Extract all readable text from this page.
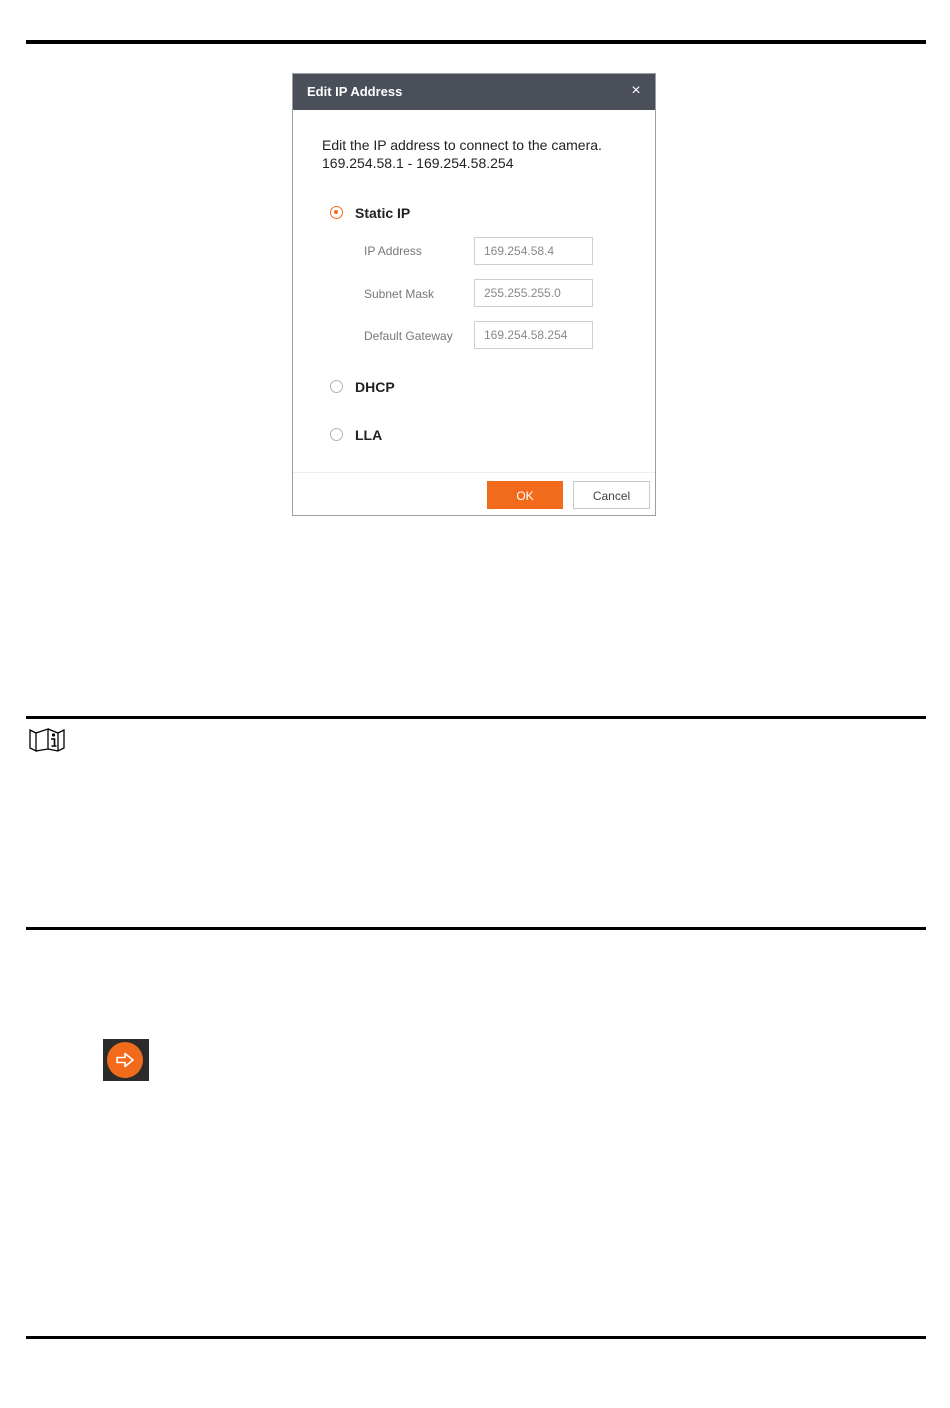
Edit IP Address	×
Edit the IP address to connect to the camera.
169.254.58.1 - 169.254.58.254
Static IP
IP Address
169.254.58.4
Subnet Mask
255.255.255.0
Default Gateway
169.254.58.254
DHCP
LLA
OK	Cancel
